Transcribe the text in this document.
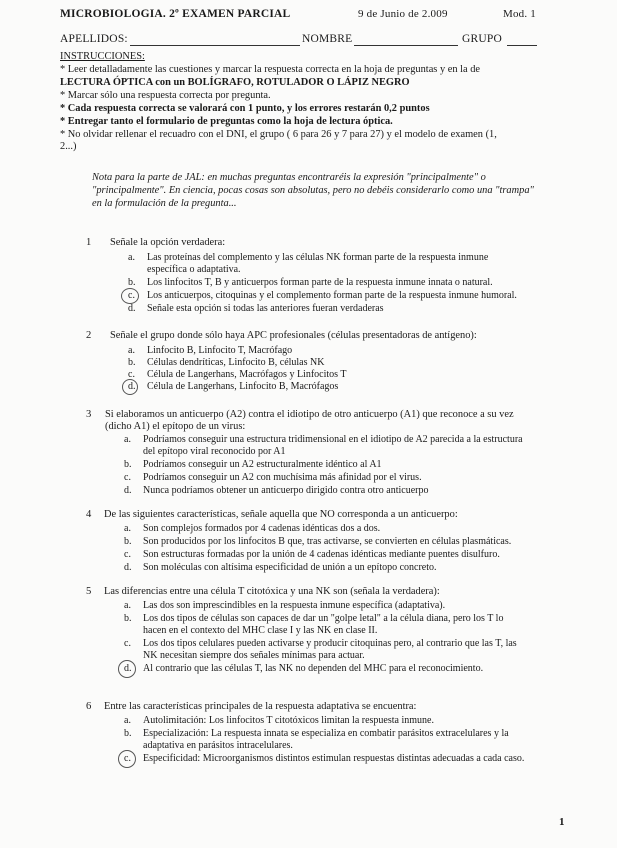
MICROBIOLOGIA. 2º EXAMEN PARCIAL	9 de Junio de 2.009	Mod. 1
APELLIDOS:	NOMBRE	GRUPO
INSTRUCCIONES:
* Leer detalladamente las cuestiones y marcar la respuesta correcta en la hoja de preguntas y en la de
LECTURA ÓPTICA con un BOLÍGRAFO, ROTULADOR O LÁPIZ NEGRO
* Marcar sólo una respuesta correcta por pregunta.
* Cada respuesta correcta se valorará con 1 punto, y los errores restarán 0,2 puntos
* Entregar tanto el formulario de preguntas como la hoja de lectura óptica.
* No olvidar rellenar el recuadro con el DNI, el grupo ( 6 para 26 y 7 para 27) y el modelo de examen (1,
2...)
Nota para la parte de JAL: en muchas preguntas encontraréis la expresión "principalmente" o
"principalmente". En ciencia, pocas cosas son absolutas, pero no debéis considerarlo como una "trampa"
en la formulación de la pregunta...
1 Señale la opción verdadera:
a. Las proteínas del complemento y las células NK forman parte de la respuesta inmune
específica o adaptativa.
b. Los linfocitos T, B y anticuerpos forman parte de la respuesta inmune innata o natural.
c. Los anticuerpos, citoquinas y el complemento forman parte de la respuesta inmune humoral.
d. Señale esta opción si todas las anteriores fueran verdaderas
2 Señale el grupo donde sólo haya APC profesionales (células presentadoras de antígeno):
a. Linfocito B, Linfocito T, Macrófago
b. Células dendríticas, Linfocito B, células NK
c. Célula de Langerhans, Macrófagos y Linfocitos T
d. Célula de Langerhans, Linfocito B, Macrófagos
3 Si elaboramos un anticuerpo (A2) contra el idiotipo de otro anticuerpo (A1) que reconoce a su vez
(dicho A1) el epítopo de un virus:
a. Podríamos conseguir una estructura tridimensional en el idiotipo de A2 parecida a la estructura
del epítopo viral reconocido por A1
b. Podríamos conseguir un A2 estructuralmente idéntico al A1
c. Podríamos conseguir un A2 con muchísima más afinidad por el virus.
d. Nunca podríamos obtener un anticuerpo dirigido contra otro anticuerpo
4 De las siguientes características, señale aquella que NO corresponda a un anticuerpo:
a. Son complejos formados por 4 cadenas idénticas dos a dos.
b. Son producidos por los linfocitos B que, tras activarse, se convierten en células plasmáticas.
c. Son estructuras formadas por la unión de 4 cadenas idénticas mediante puentes disulfuro.
d. Son moléculas con altísima especificidad de unión a un epítopo concreto.
5 Las diferencias entre una célula T citotóxica y una NK son (señala la verdadera):
a. Las dos son imprescindibles en la respuesta inmune específica (adaptativa).
b. Los dos tipos de células son capaces de dar un "golpe letal" a la célula diana, pero los T lo
hacen en el contexto del MHC clase I y las NK en clase II.
c. Los dos tipos celulares pueden activarse y producir citoquinas pero, al contrario que las T, las
NK necesitan siempre dos señales mínimas para actuar.
d. Al contrario que las células T, las NK no dependen del MHC para el reconocimiento.
6 Entre las características principales de la respuesta adaptativa se encuentra:
a. Autolimitación: Los linfocitos T citotóxicos limitan la respuesta inmune.
b. Especialización: La respuesta innata se especializa en combatir parásitos extracelulares y la
adaptativa en parásitos intracelulares.
c. Especificidad: Microorganismos distintos estimulan respuestas distintas adecuadas a cada caso.
1
